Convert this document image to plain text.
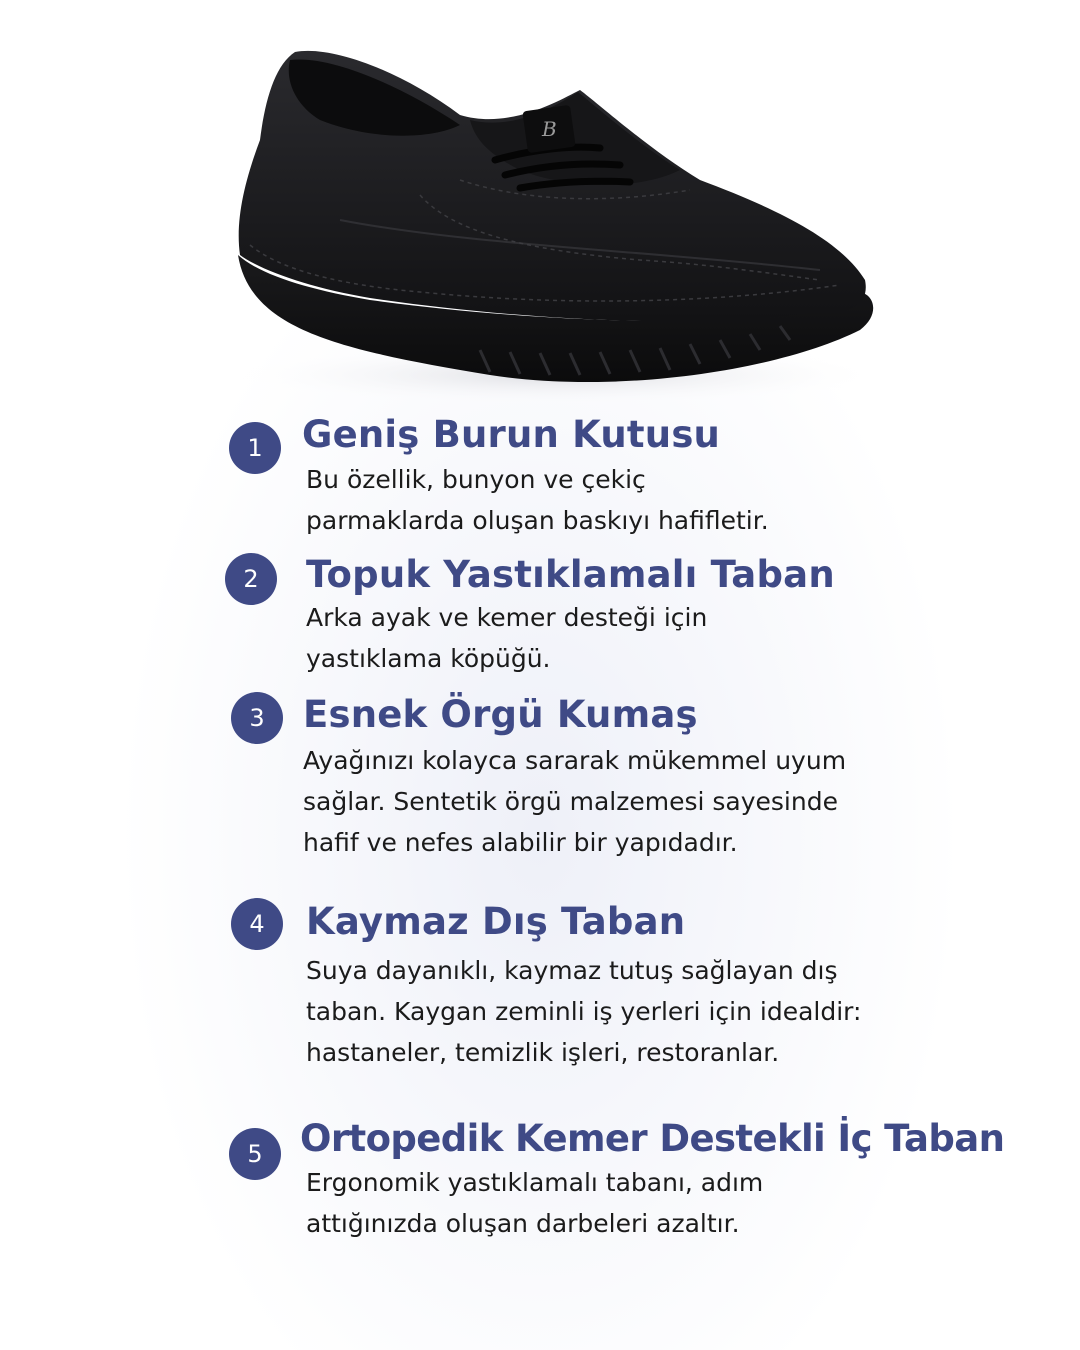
B
1	Geniş Burun Kutusu

Bu özellik, bunyon ve çekiç
parmaklarda oluşan baskıyı hafifletir.

2	Topuk Yastıklamalı Taban

Arka ayak ve kemer desteği için
yastıklama köpüğü.

3	Esnek Örgü Kumaş

Ayağınızı kolayca sararak mükemmel uyum
sağlar. Sentetik örgü malzemesi sayesinde
hafif ve nefes alabilir bir yapıdadır.

4	Kaymaz Dış Taban

Suya dayanıklı, kaymaz tutuş sağlayan dış
taban. Kaygan zeminli iş yerleri için idealdir:
hastaneler, temizlik işleri, restoranlar.

5	Ortopedik Kemer Destekli İç Taban

Ergonomik yastıklamalı tabanı, adım
attığınızda oluşan darbeleri azaltır.
